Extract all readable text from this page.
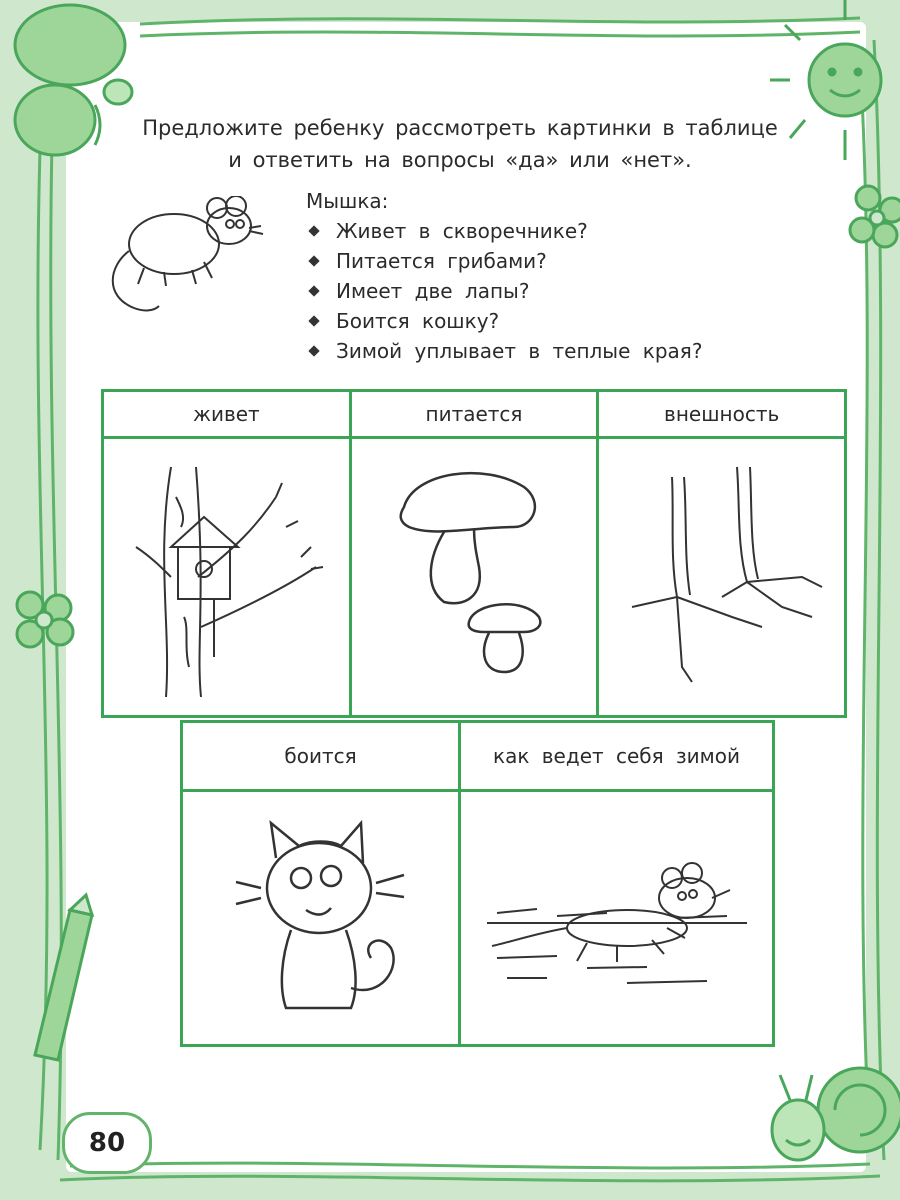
Предложите ребенку рассмотреть картинки в таблице
и ответить на вопросы «да» или «нет».
Мышка:
Живет в скворечнике?
Питается грибами?
Имеет две лапы?
Боится кошку?
Зимой уплывает в теплые края?
живет	питается	внешность

боится	как ведет себя зимой

80
